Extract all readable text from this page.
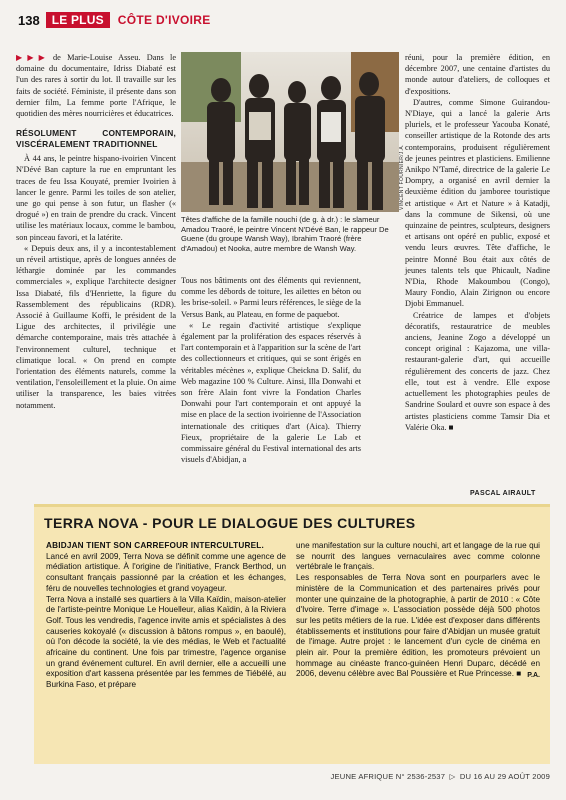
138	LE PLUS	CÔTE D'IVOIRE

▶▶▶ de Marie-Louise Asseu. Dans le domaine du documentaire, Idriss Diabaté est l'un des rares à sortir du lot. Il travaille sur les faits de société. Féministe, il présente dans son dernier film, La femme porte l'Afrique, le quotidien des mères nourricières et éducatrices.

RÉSOLUMENT CONTEMPORAIN, VISCÉRALEMENT TRADITIONNEL

À 44 ans, le peintre hispano-ivoirien Vincent N'Dévé Ban capture la rue en empruntant les traces de feu Issa Kouyaté, premier Ivoirien à lancer le genre. Parmi les toiles de son atelier, une go qui pense à son futur, un flasher (« drogué ») en train de prendre du crack. Vincent utilise les matériaux locaux, comme le bambou, son pinceau favori, et la latérite.

« Depuis deux ans, il y a incontestablement un réveil artistique, après de longues années de léthargie dominée par les commandes commerciales », explique l'architecte designer Issa Diabaté, fils d'Henriette, la figure du Rassemblement des républicains (RDR). Associé à Guillaume Koffi, le président de la Ligue des architectes, il privilégie une démarche contemporaine, mais très attachée à l'environnement culturel, technique et climatique local. « On prend en compte l'orientation des éléments naturels, comme la ventilation, l'ensoleillement et la pluie. On aime utiliser la transparence, les baies vitrées notamment.

VINCENT FOURNIER/J.A.
Têtes d'affiche de la famille nouchi (de g. à dr.) : le slameur Amadou Traoré, le peintre Vincent N'Dévé Ban, le rappeur De Guene (du groupe Wansh Way), Ibrahim Traoré (frère d'Amadou) et Nooka, autre membre de Wansh Way.

Tous nos bâtiments ont des éléments qui reviennent, comme les débords de toiture, les ailettes en béton ou les brise-soleil. » Parmi leurs références, le siège de la Versus Bank, au Plateau, en forme de paquebot.

« Le regain d'activité artistique s'explique également par la prolifération des espaces réservés à l'art contemporain et à l'apparition sur la scène de l'art des collectionneurs et critiques, qui se sont érigés en véritables mécènes », explique Cheickna D. Salif, du Web magazine 100 % Culture. Ainsi, Illa Donwahi et son frère Alain font vivre la Fondation Charles Donwahi pour l'art contemporain et ont appuyé la mise en place de la section ivoirienne de l'Association internationale des critiques d'art (Aica). Thierry Fieux, propriétaire de la galerie Le Lab et commissaire général du Festival international des arts visuels d'Abidjan, a

réuni, pour la première édition, en décembre 2007, une centaine d'artistes du monde autour d'ateliers, de colloques et d'expositions.

D'autres, comme Simone Guirandou-N'Diaye, qui a lancé la galerie Arts pluriels, et le professeur Yacouba Konaté, conseiller artistique de la Rotonde des arts contemporains, produisent régulièrement de jeunes peintres et plasticiens. Emilienne Anikpo N'Tamé, directrice de la galerie Le Dompry, a organisé en avril dernier la deuxième édition du jamboree touristique et artistique « Art et Nature » à Katadji, dans la commune de Sikensi, où une quinzaine de peintres, sculpteurs, designers et artisans ont opéré en public, exposé et vendu leurs œuvres. Tête d'affiche, le peintre Monné Bou était aux côtés de jeunes talents tels que Phicault, Nadine N'Dia, Rhode Makoumbou (Congo), Maury Fondio, Alain Zirignon ou encore Djobi Emmanuel.

Créatrice de lampes et d'objets décoratifs, restauratrice de meubles anciens, Jeanine Zogo a développé un concept original : Kajazoma, une villa-restaurant-galerie d'art, qui accueille régulièrement des concerts de jazz. Chez elle, tout est à vendre. Elle expose actuellement les photographies peules de Sandrine Soulard et ouvre son espace à des artistes plasticiens comme Tamsir Dia et Valérie Oka. ■

PASCAL AIRAULT
TERRA NOVA - POUR LE DIALOGUE DES CULTURES

ABIDJAN TIENT SON CARREFOUR INTERCULTUREL.
Lancé en avril 2009, Terra Nova se définit comme une agence de médiation artistique. À l'origine de l'initiative, Franck Berthod, un consultant français passionné par la création et les échanges, féru de nouvelles technologies et grand voyageur.

Terra Nova a installé ses quartiers à la Villa Kaïdin, maison-atelier de l'artiste-peintre Monique Le Houelleur, alias Kaïdin, à la Riviera Golf. Tous les vendredis, l'agence invite amis et spécialistes à des causeries kokoyalé (« discussion à bâtons rompus », en baoulé), où l'on décode la société, la vie des médias, le Web et l'actualité africaine du continent. Une fois par trimestre, l'agence organise un grand événement culturel. En avril dernier, elle a accueilli une exposition d'art kassena présentée par les femmes de Tiébélé, au Burkina Faso, et prépare

une manifestation sur la culture nouchi, art et langage de la rue qui se nourrit des langues vernaculaires avec comme colonne vertébrale le français.

Les responsables de Terra Nova sont en pourparlers avec le ministère de la Communication et des partenaires privés pour monter une quinzaine de la photographie, à partir de 2010 : « Côte d'Ivoire. Terre d'image ». L'association possède déjà 500 photos sur les petits métiers de la rue. L'idée est d'exposer dans différents établissements et institutions pour faire d'Abidjan un musée gratuit de l'image. Autre projet : le lancement d'un cycle de cinéma en plein air. Pour la première édition, les promoteurs prévoient un hommage au cinéaste franco-guinéen Henri Duparc, décédé en 2006, devenu célèbre avec Bal Poussière et Rue Princesse. ■ P.A.
JEUNE AFRIQUE N° 2536-2537 ▷ DU 16 AU 29 AOÛT 2009
